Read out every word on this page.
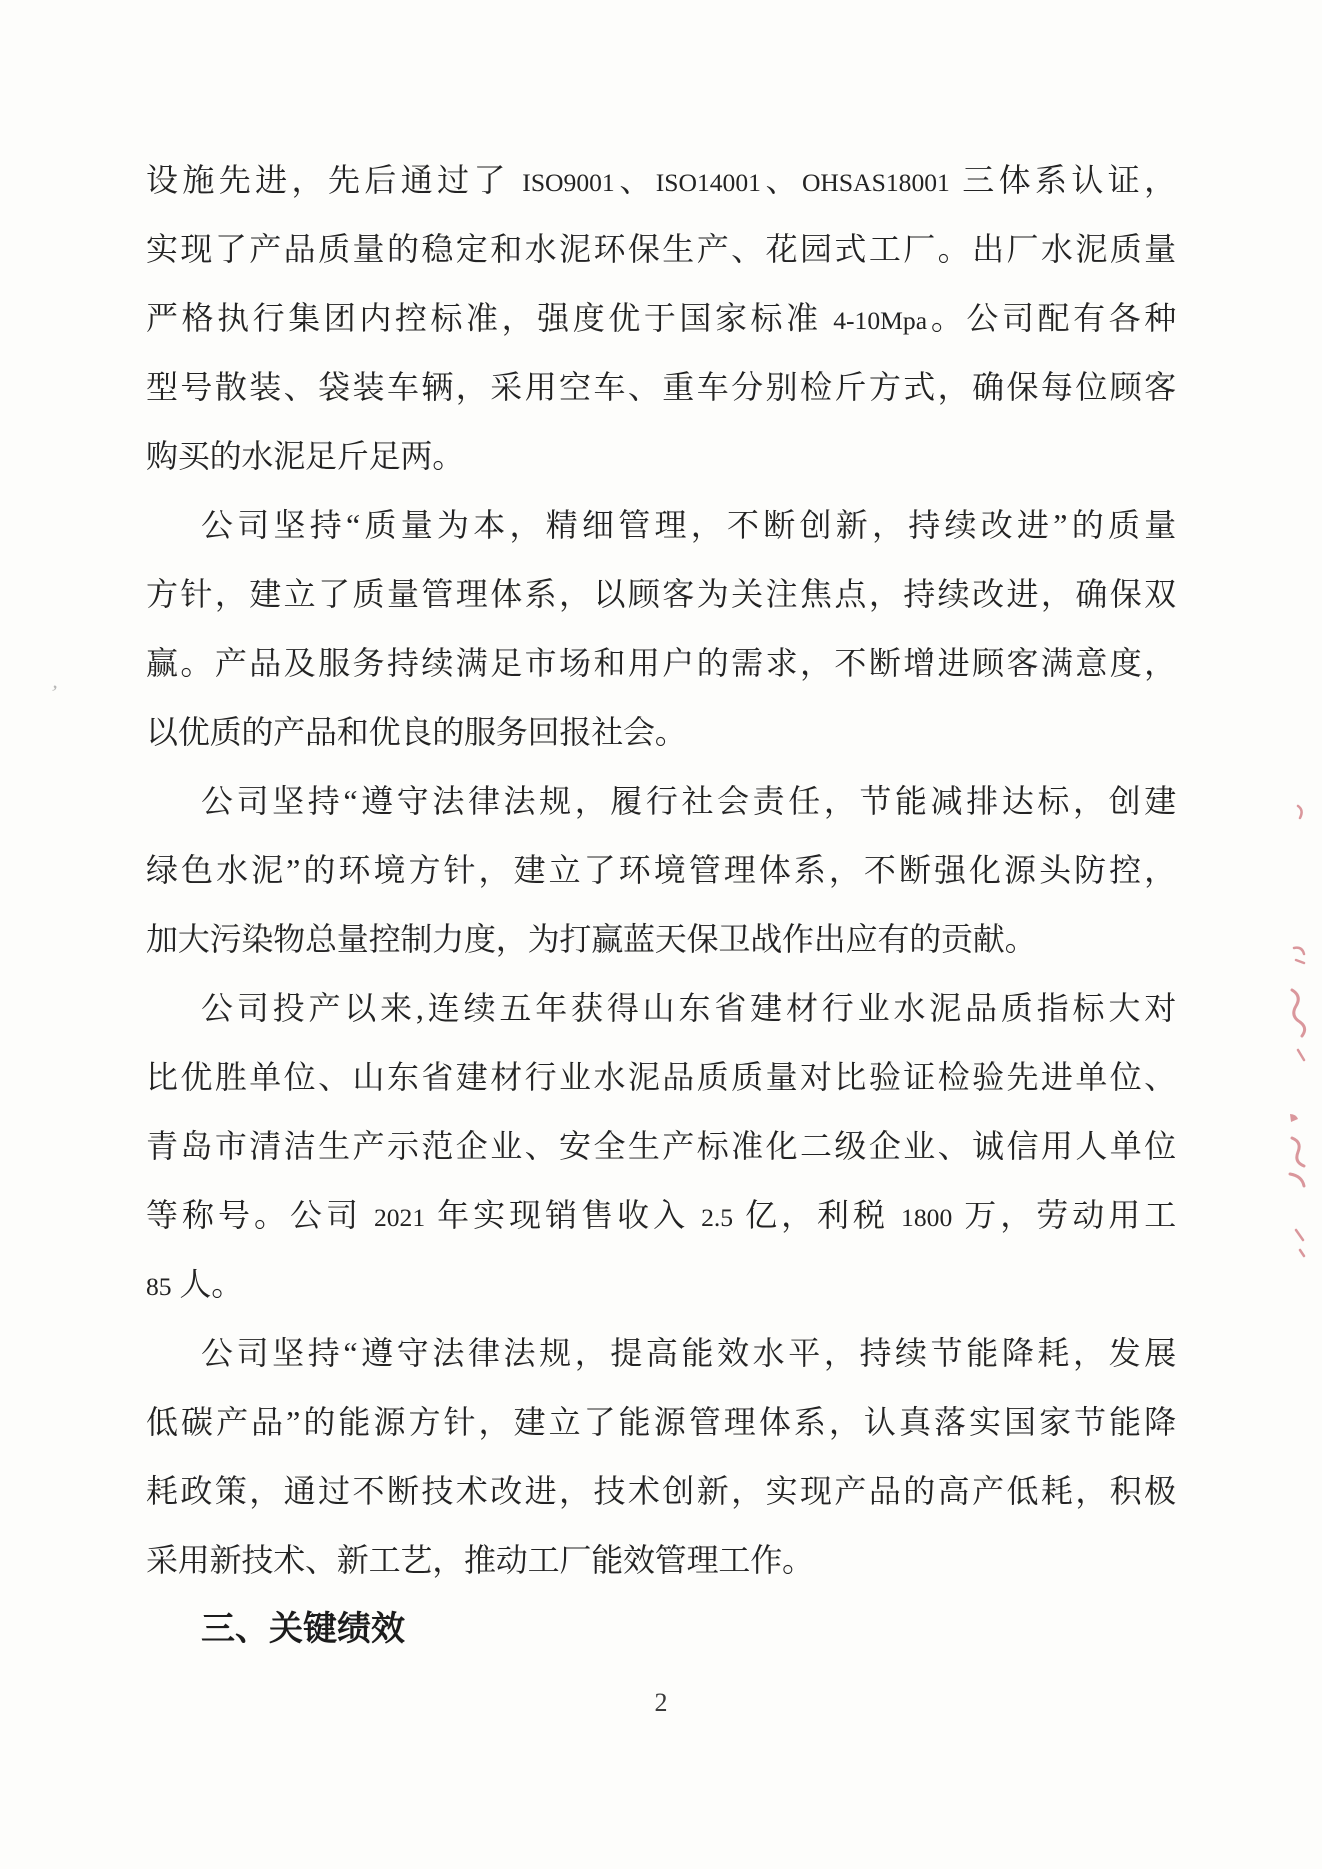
设施先进，先后通过了 ISO9001、ISO14001、OHSAS18001 三体系认证，
实现了产品质量的稳定和水泥环保生产、花园式工厂。出厂水泥质量
严格执行集团内控标准，强度优于国家标准 4-10Mpa。公司配有各种
型号散装、袋装车辆，采用空车、重车分别检斤方式，确保每位顾客
购买的水泥足斤足两。
公司坚持“质量为本，精细管理，不断创新，持续改进”的质量
方针，建立了质量管理体系，以顾客为关注焦点，持续改进，确保双
赢。产品及服务持续满足市场和用户的需求，不断增进顾客满意度，
以优质的产品和优良的服务回报社会。
公司坚持“遵守法律法规，履行社会责任，节能减排达标，创建
绿色水泥”的环境方针，建立了环境管理体系，不断强化源头防控，
加大污染物总量控制力度，为打赢蓝天保卫战作出应有的贡献。
公司投产以来,连续五年获得山东省建材行业水泥品质指标大对
比优胜单位、山东省建材行业水泥品质质量对比验证检验先进单位、
青岛市清洁生产示范企业、安全生产标准化二级企业、诚信用人单位
等称号。公司 2021 年实现销售收入 2.5 亿，利税 1800 万，劳动用工
85 人。
公司坚持“遵守法律法规，提高能效水平，持续节能降耗，发展
低碳产品”的能源方针，建立了能源管理体系，认真落实国家节能降
耗政策，通过不断技术改进，技术创新，实现产品的高产低耗，积极
采用新技术、新工艺，推动工厂能效管理工作。
三、关键绩效
2
ʼ
